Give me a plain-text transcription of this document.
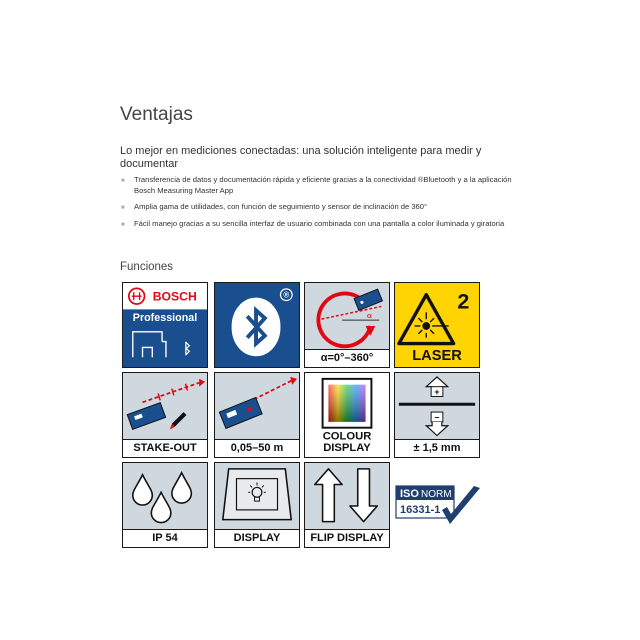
Ventajas
Lo mejor en mediciones conectadas: una solución inteligente para medir y documentar
■ Transferencia de datos y documentación rápida y eficiente gracias a la conectividad ®Bluetooth y a la aplicación Bosch Measuring Master App
■ Amplia gama de utilidades, con función de seguimiento y sensor de inclinación de 360°
■ Fácil manejo gracias a su sencilla interfaz de usuario combinada con una pantalla a color iluminada y giratoria
Funciones
BOSCH
Professional
ᛒ
®
α
α=0°–360°
2
LASER
STAKE-OUT	0,05–50 m
COLOUR
DISPLAY
+
–
± 1,5 mm
IP 54	DISPLAY	FLIP DISPLAY
ISO NORM
16331-1
